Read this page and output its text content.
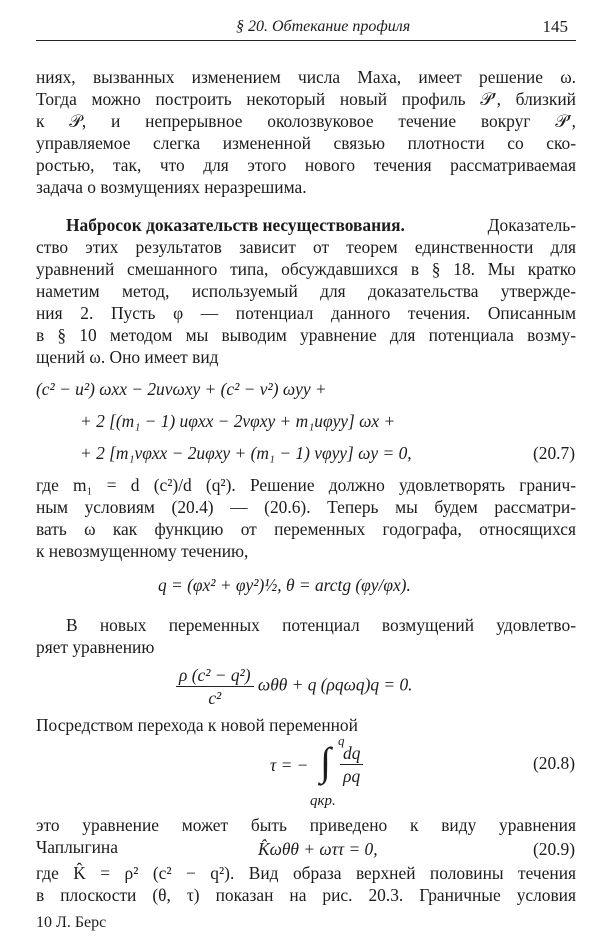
§ 20. Обтекание профиля	145
ниях, вызванных изменением числа Маха, имеет решение ω.
Тогда можно построить некоторый новый профиль 𝒫′, близкий
к 𝒫, и непрерывное околозвуковое течение вокруг 𝒫′,
управляемое слегка измененной связью плотности со ско-
ростью, так, что для этого нового течения рассматриваемая
задача о возмущениях неразрешима.
Набросок доказательств несуществования.	Доказатель-
ство этих результатов зависит от теорем единственности для
уравнений смешанного типа, обсуждавшихся в § 18. Мы кратко
наметим метод, используемый для доказательства утвержде-
ния 2. Пусть φ — потенциал данного течения. Описанным
в § 10 методом мы выводим уравнение для потенциала возму-
щений ω. Оно имеет вид
(c² − u²) ωxx − 2uvωxy + (c² − v²) ωyy +
+ 2 [(m₁ − 1) uφxx − 2vφxy + m₁uφyy] ωx +
+ 2 [m₁vφxx − 2uφxy + (m₁ − 1) vφyy] ωy = 0,	(20.7)
где m₁ = d (c²)/d (q²). Решение должно удовлетворять гранич-
ным условиям (20.4) — (20.6). Теперь мы будем рассматри-
вать ω как функцию от переменных годографа, относящихся
к невозмущенному течению,
q = (φx² + φy²)½, θ = arctg (φy/φx).
В новых переменных потенциал возмущений удовлетво-
ряет уравнению
$\frac{\text{ρ (c² − q²)}}{\text{c²}}$ ωθθ + q (ρqωq)q = 0.
Посредством перехода к новой переменной
τ = −
q
∫ $\frac{dq}{\rho q}$
qкр.
(20.8)
это уравнение может быть приведено к виду уравнения
Чаплыгина	K̂ωθθ + ωττ = 0,	(20.9)
где K̂ = ρ² (c² − q²). Вид образа верхней половины течения
10 Л. Берс
в плоскости (θ, τ) показан на рис. 20.3. Граничные условия
